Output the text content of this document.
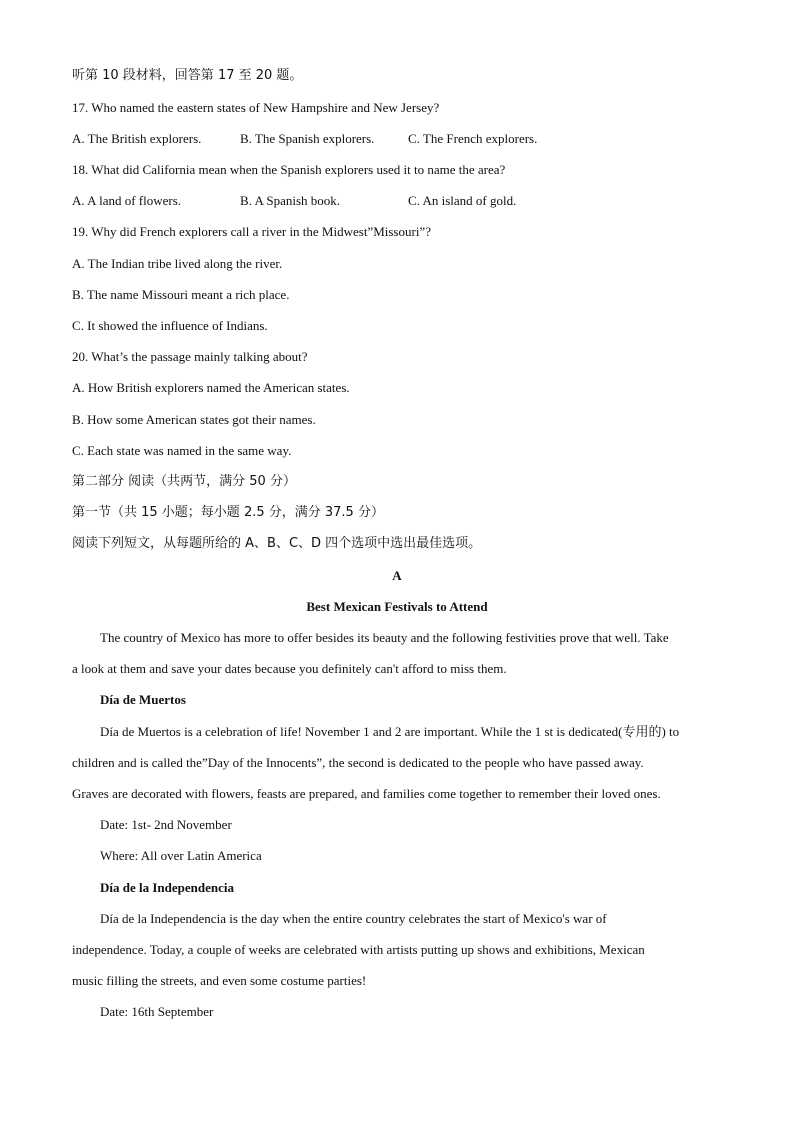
听第 10 段材料，回答第 17 至 20 题。
17. Who named the eastern states of New Hampshire and New Jersey?
A. The British explorers.	B. The Spanish explorers.	C. The French explorers.
18. What did California mean when the Spanish explorers used it to name the area?
A. A land of flowers.	B. A Spanish book.	C. An island of gold.
19. Why did French explorers call a river in the Midwest”Missouri”?
A. The Indian tribe lived along the river.
B. The name Missouri meant a rich place.
C. It showed the influence of Indians.
20. What’s the passage mainly talking about?
A. How British explorers named the American states.
B. How some American states got their names.
C. Each state was named in the same way.
第二部分 阅读（共两节，满分 50 分）
第一节（共 15 小题；每小题 2.5 分，满分 37.5 分）
阅读下列短文，从每题所给的 A、B、C、D 四个选项中选出最佳选项。
A
Best Mexican Festivals to Attend
The country of Mexico has more to offer besides its beauty and the following festivities prove that well. Take
a look at them and save your dates because you definitely can't afford to miss them.
Día de Muertos
Día de Muertos is a celebration of life! November 1 and 2 are important. While the 1 st is dedicated(专用的) to
children and is called the”Day of the Innocents”, the second is dedicated to the people who have passed away.
Graves are decorated with flowers, feasts are prepared, and families come together to remember their loved ones.
Date: 1st- 2nd November
Where: All over Latin America
Día de la Independencia
Día de la Independencia is the day when the entire country celebrates the start of Mexico's war of
independence. Today, a couple of weeks are celebrated with artists putting up shows and exhibitions, Mexican
music filling the streets, and even some costume parties!
Date: 16th September
